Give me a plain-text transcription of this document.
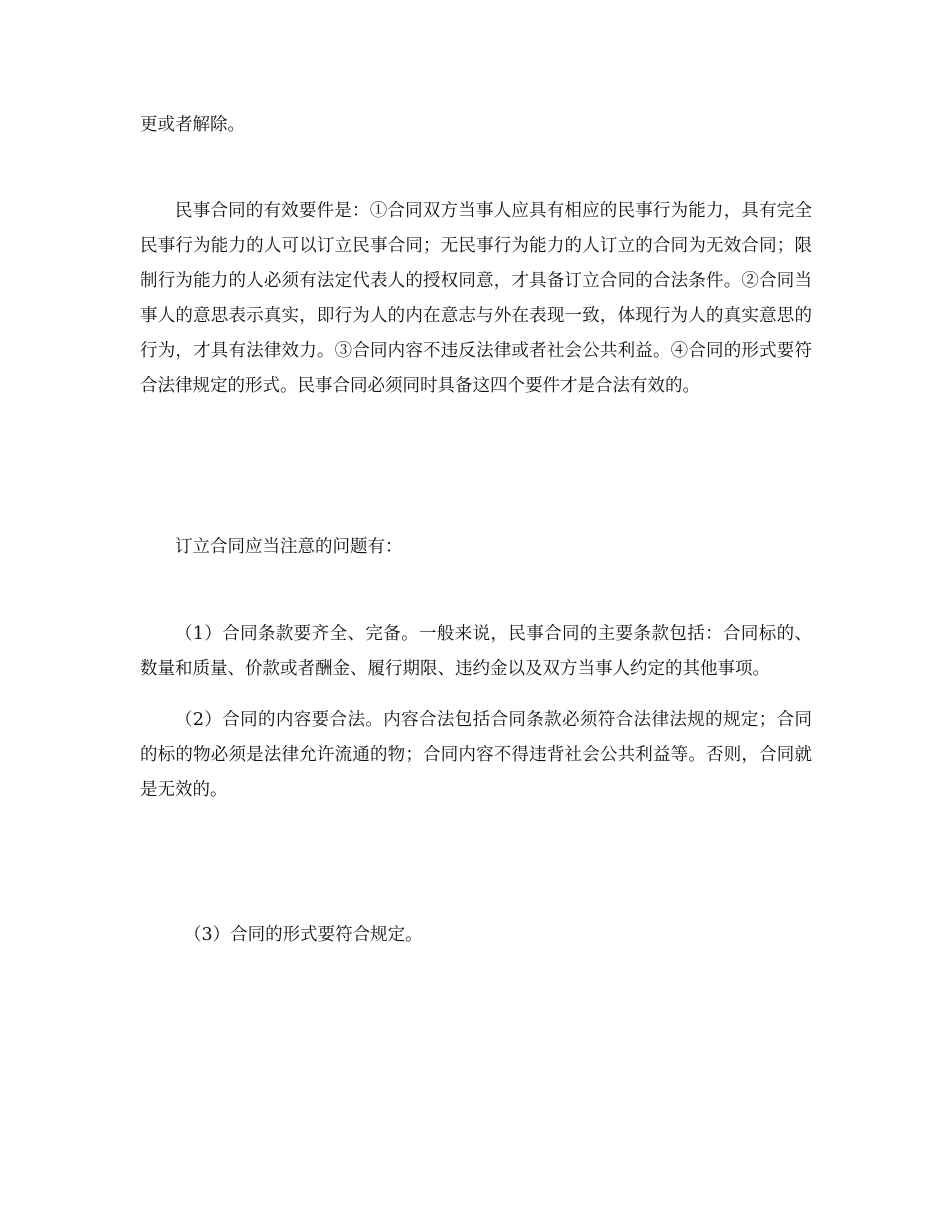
更或者解除。

民事合同的有效要件是：①合同双方当事人应具有相应的民事行为能力，具有完全民事行为能力的人可以订立民事合同；无民事行为能力的人订立的合同为无效合同；限制行为能力的人必须有法定代表人的授权同意，才具备订立合同的合法条件。②合同当事人的意思表示真实，即行为人的内在意志与外在表现一致，体现行为人的真实意思的行为，才具有法律效力。③合同内容不违反法律或者社会公共利益。④合同的形式要符合法律规定的形式。民事合同必须同时具备这四个要件才是合法有效的。

订立合同应当注意的问题有：

（1）合同条款要齐全、完备。一般来说，民事合同的主要条款包括：合同标的、数量和质量、价款或者酬金、履行期限、违约金以及双方当事人约定的其他事项。

（2）合同的内容要合法。内容合法包括合同条款必须符合法律法规的规定；合同的标的物必须是法律允许流通的物；合同内容不得违背社会公共利益等。否则，合同就是无效的。

（3）合同的形式要符合规定。
